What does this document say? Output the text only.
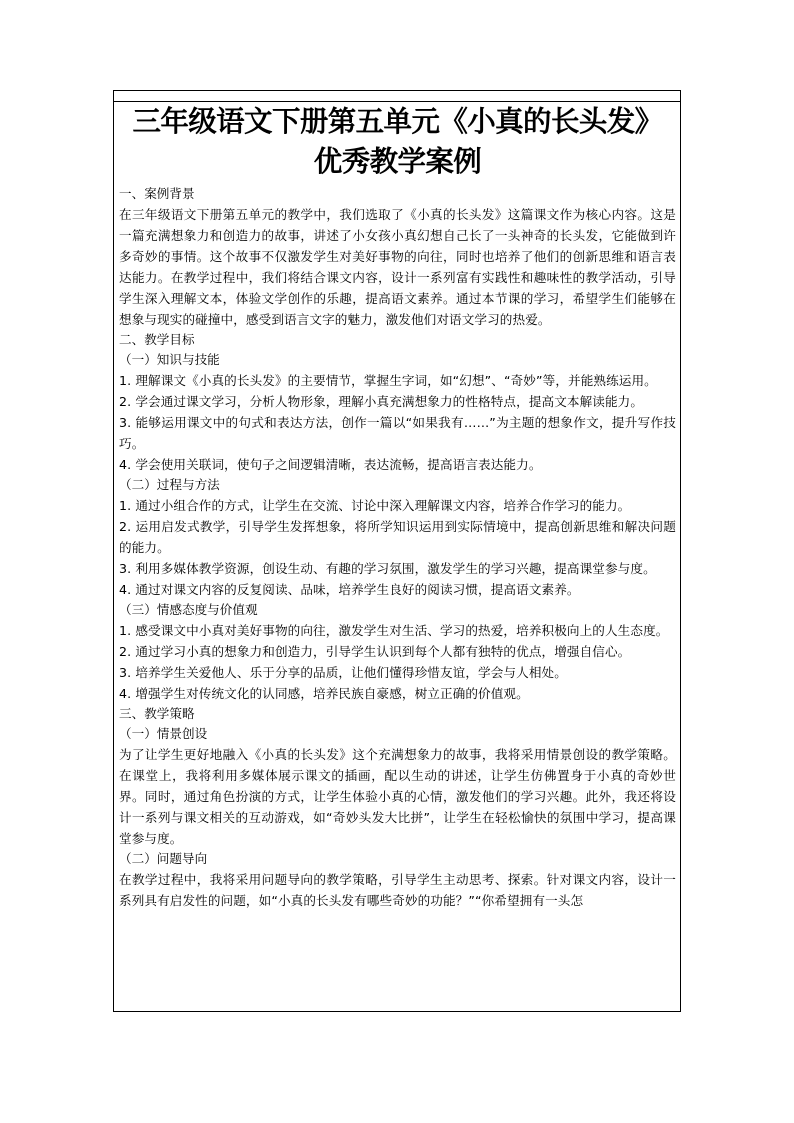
三年级语文下册第五单元《小真的长头发》
优秀教学案例
一、案例背景
在三年级语文下册第五单元的教学中，我们选取了《小真的长头发》这篇课文作为核心内容。这是一篇充满想象力和创造力的故事，讲述了小女孩小真幻想自己长了一头神奇的长头发，它能做到许多奇妙的事情。这个故事不仅激发学生对美好事物的向往，同时也培养了他们的创新思维和语言表达能力。在教学过程中，我们将结合课文内容，设计一系列富有实践性和趣味性的教学活动，引导学生深入理解文本，体验文学创作的乐趣，提高语文素养。通过本节课的学习，希望学生们能够在想象与现实的碰撞中，感受到语言文字的魅力，激发他们对语文学习的热爱。
二、教学目标
（一）知识与技能
1. 理解课文《小真的长头发》的主要情节，掌握生字词，如“幻想”、“奇妙”等，并能熟练运用。
2. 学会通过课文学习，分析人物形象，理解小真充满想象力的性格特点，提高文本解读能力。
3. 能够运用课文中的句式和表达方法，创作一篇以“如果我有……”为主题的想象作文，提升写作技巧。
4. 学会使用关联词，使句子之间逻辑清晰，表达流畅，提高语言表达能力。
（二）过程与方法
1. 通过小组合作的方式，让学生在交流、讨论中深入理解课文内容，培养合作学习的能力。
2. 运用启发式教学，引导学生发挥想象，将所学知识运用到实际情境中，提高创新思维和解决问题的能力。
3. 利用多媒体教学资源，创设生动、有趣的学习氛围，激发学生的学习兴趣，提高课堂参与度。
4. 通过对课文内容的反复阅读、品味，培养学生良好的阅读习惯，提高语文素养。
（三）情感态度与价值观
1. 感受课文中小真对美好事物的向往，激发学生对生活、学习的热爱，培养积极向上的人生态度。
2. 通过学习小真的想象力和创造力，引导学生认识到每个人都有独特的优点，增强自信心。
3. 培养学生关爱他人、乐于分享的品质，让他们懂得珍惜友谊，学会与人相处。
4. 增强学生对传统文化的认同感，培养民族自豪感，树立正确的价值观。
三、教学策略
（一）情景创设
为了让学生更好地融入《小真的长头发》这个充满想象力的故事，我将采用情景创设的教学策略。在课堂上，我将利用多媒体展示课文的插画，配以生动的讲述，让学生仿佛置身于小真的奇妙世界。同时，通过角色扮演的方式，让学生体验小真的心情，激发他们的学习兴趣。此外，我还将设计一系列与课文相关的互动游戏，如“奇妙头发大比拼”，让学生在轻松愉快的氛围中学习，提高课堂参与度。
（二）问题导向
在教学过程中，我将采用问题导向的教学策略，引导学生主动思考、探索。针对课文内容，设计一系列具有启发性的问题，如“小真的长头发有哪些奇妙的功能？”“你希望拥有一头怎
